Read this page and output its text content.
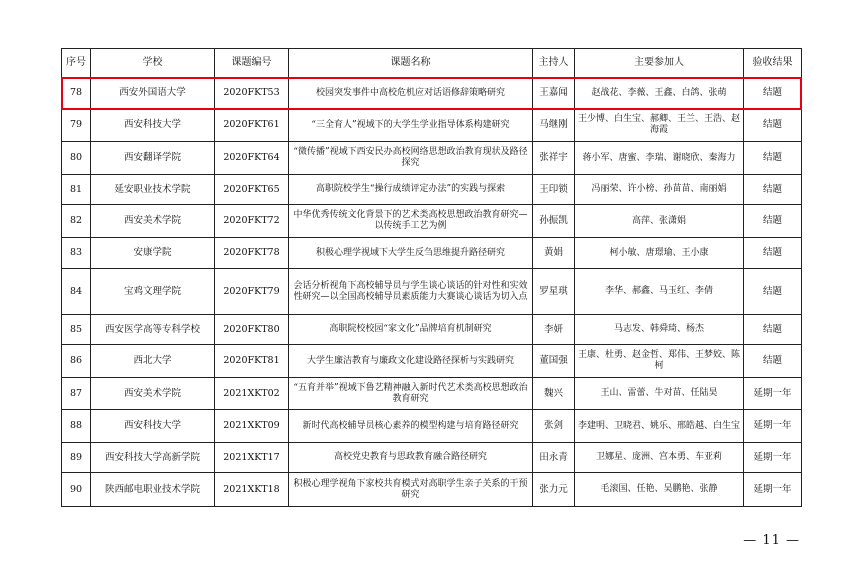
序号	学校	课题编号	课题名称	主持人	主要参加人	验收结果
78	西安外国语大学	2020FKT53	校园突发事件中高校危机应对话语修辞策略研究	王嘉闻	赵战花、李薇、王鑫、白鸽、张萌	结题
79	西安科技大学	2020FKT61	“三全育人”视域下的大学生学业指导体系构建研究	马继刚	王少博、白生宝、郝卿、王兰、王浩、赵海霞	结题
80	西安翻译学院	2020FKT64	“微传播”视域下西安民办高校网络思想政治教育现状及路径探究	张祥宇	蒋小军、唐蜜、李瑞、谢晓欣、秦海力	结题
81	延安职业技术学院	2020FKT65	高职院校学生“操行成绩评定办法”的实践与探索	王印锁	冯丽荣、许小榜、孙苗苗、南丽娟	结题
82	西安美术学院	2020FKT72	中华优秀传统文化背景下的艺术类高校思想政治教育研究—以传统手工艺为例	孙振凯	高萍、张潇娟	结题
83	安康学院	2020FKT78	积极心理学视域下大学生反刍思维提升路径研究	黄娟	柯小敏、唐璟瑜、王小康	结题
84	宝鸡文理学院	2020FKT79	会话分析视角下高校辅导员与学生谈心谈话的针对性和实效性研究—以全国高校辅导员素质能力大赛谈心谈话为切入点	罗星琪	李华、郝鑫、马玉红、李倩	结题
85	西安医学高等专科学校	2020FKT80	高职院校校园“家文化”品牌培育机制研究	李妍	马志发、韩舜琦、杨杰	结题
86	西北大学	2020FKT81	大学生廉洁教育与廉政文化建设路径探析与实践研究	董国强	王康、杜勇、赵金哲、郑伟、王梦姣、陈柯	结题
87	西安美术学院	2021XKT02	“五育并举”视域下鲁艺精神融入新时代艺术类高校思想政治教育研究	魏兴	王山、雷蕾、牛对苗、任陆昊	延期一年
88	西安科技大学	2021XKT09	新时代高校辅导员核心素养的模型构建与培育路径研究	张剑	李建明、卫晓君、姚乐、邢皓越、白生宝	延期一年
89	西安科技大学高新学院	2021XKT17	高校党史教育与思政教育融合路径研究	田永青	卫娜星、庞洲、宫本勇、车亚莉	延期一年
90	陕西邮电职业技术学院	2021XKT18	积极心理学视角下家校共育模式对高职学生亲子关系的干预研究	张力元	毛滚国、任艳、吴鹏艳、张静	延期一年
— 11 —
